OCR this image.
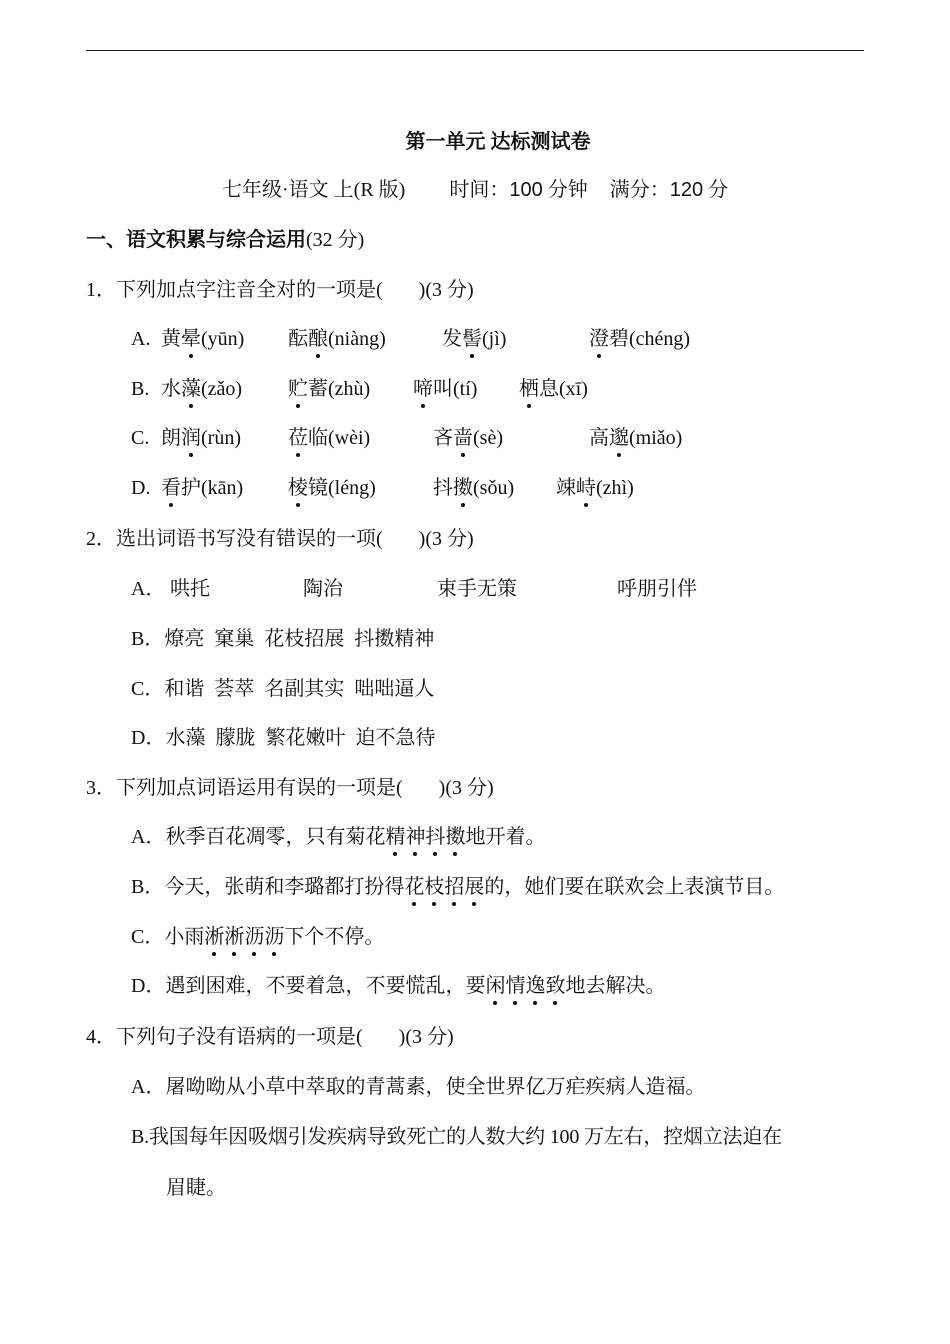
第一单元 达标测试卷
七年级·语文 上(R 版) 时间：100 分钟 满分：120 分
一、语文积累与综合运用(32 分)
1．下列加点字注音全对的一项是( )(3 分)
A. 黄晕(yūn) 酝酿(niàng)	发髻(jì)	澄碧(chéng)
B. 水藻(zǎo) 贮蓄(zhù) 啼叫(tí) 栖息(xī)
C. 朗润(rùn) 莅临(wèi)	吝啬(sè)	高邈(miǎo)
D. 看护(kān) 棱镜(léng)	抖擞(sǒu) 竦峙(zhì)
2．选出词语书写没有错误的一项( )(3 分)
A． 哄托	陶治	束手无策	呼朋引伴
B．燎亮  窠巢  花枝招展  抖擞精神
C．和谐  荟萃  名副其实  咄咄逼人
D．水藻  朦胧  繁花嫩叶  迫不急待
3．下列加点词语运用有误的一项是( )(3 分)
A．秋季百花凋零，只有菊花精神抖擞地开着。
B．今天，张萌和李璐都打扮得花枝招展的，她们要在联欢会上表演节目。
C．小雨淅淅沥沥下个不停。
D．遇到困难，不要着急，不要慌乱，要闲情逸致地去解决。
4．下列句子没有语病的一项是( )(3 分)
A．屠呦呦从小草中萃取的青蒿素，使全世界亿万疟疾病人造福。
B.我国每年因吸烟引发疾病导致死亡的人数大约 100 万左右，控烟立法迫在
眉睫。
